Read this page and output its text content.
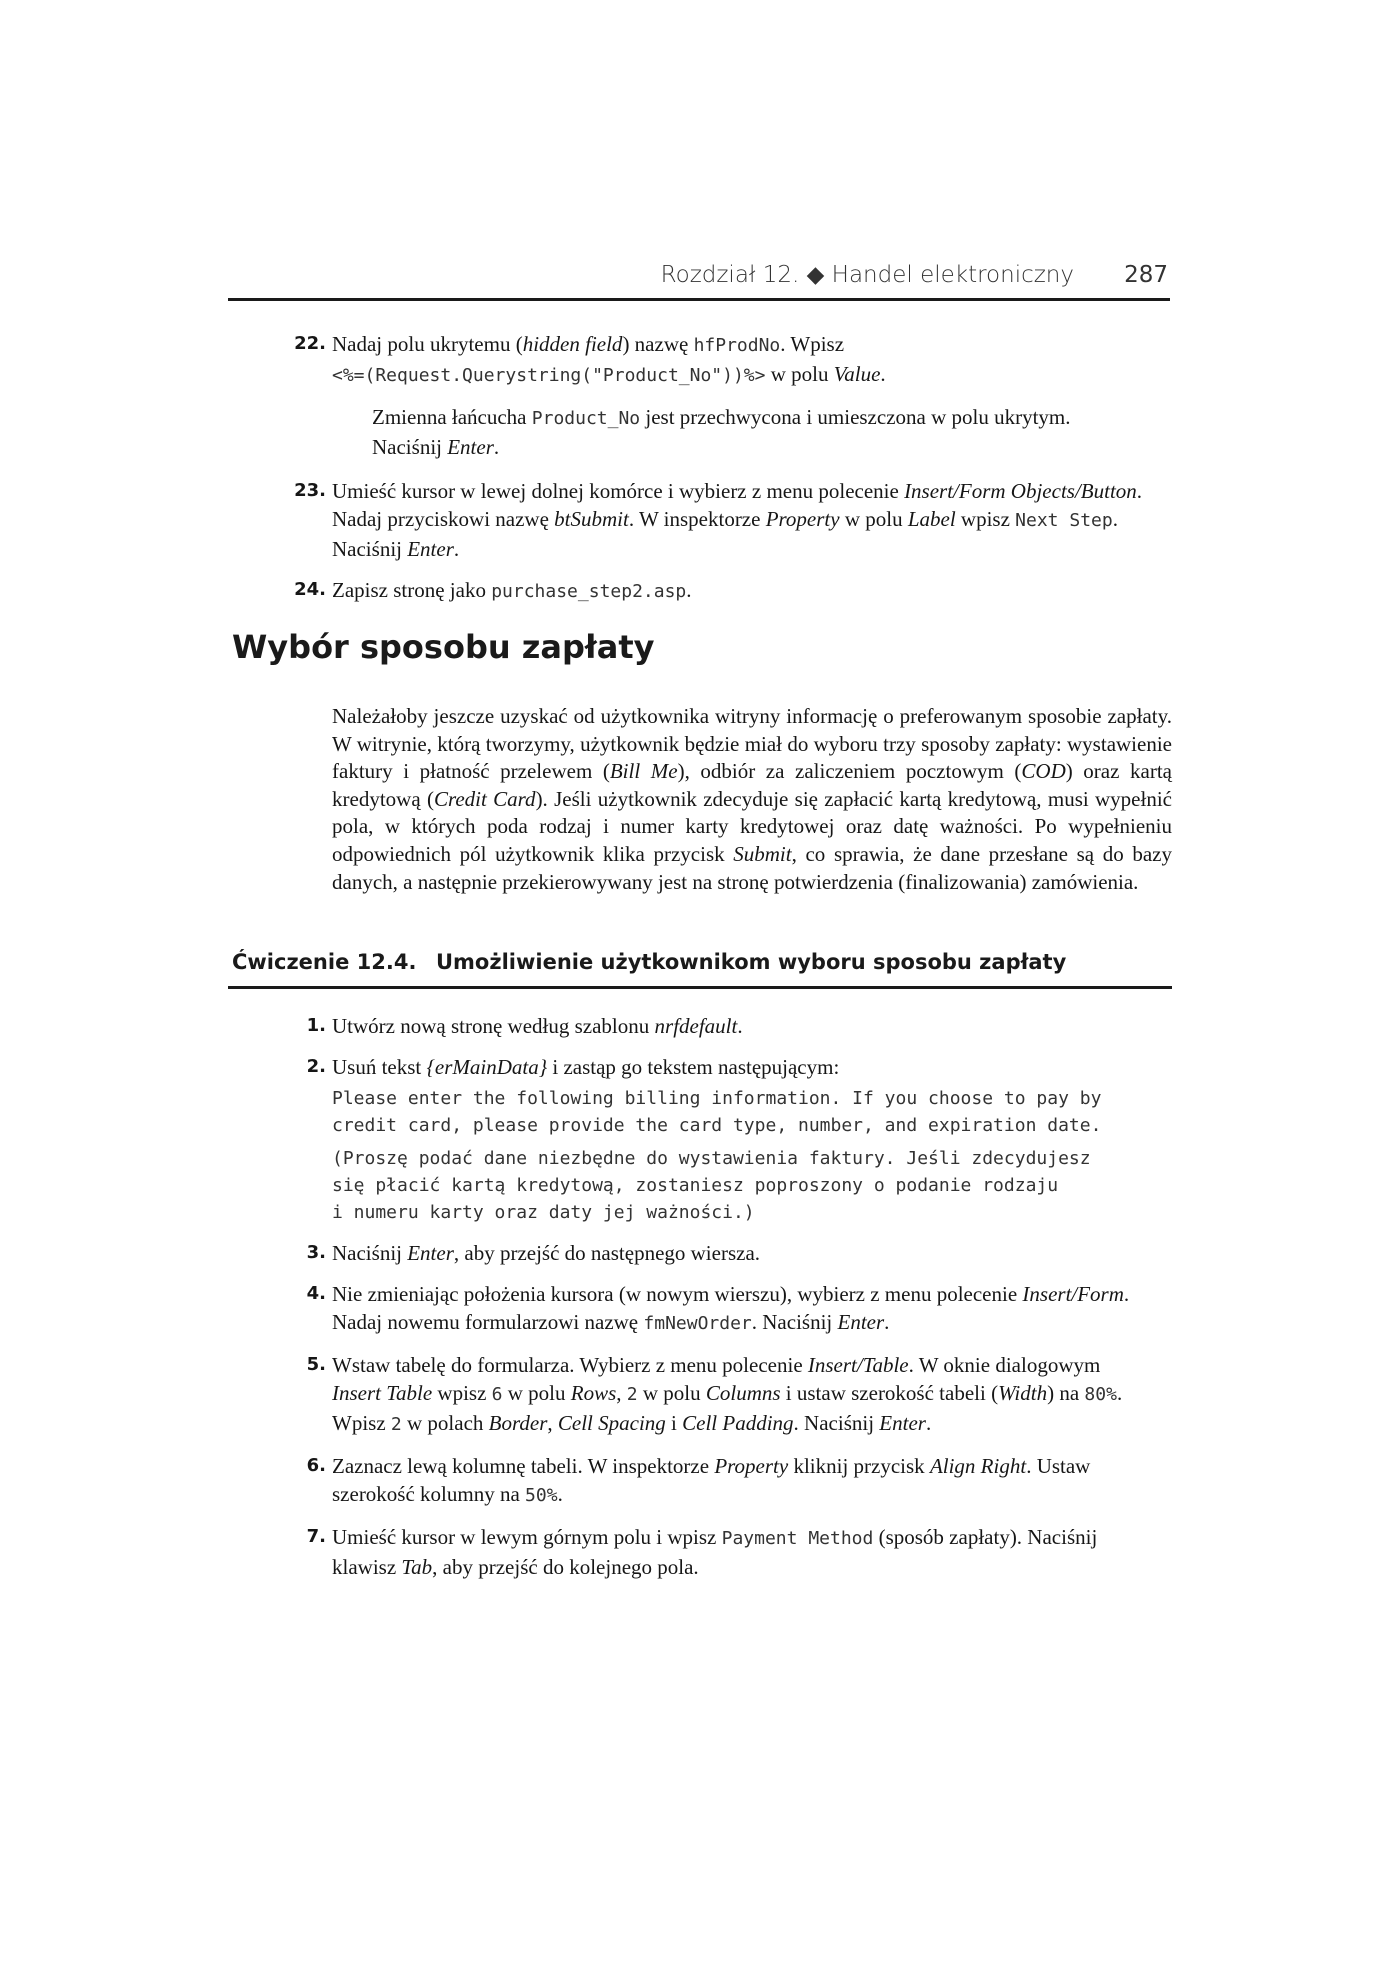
Rozdział 12. ◆ Handel elektroniczny 287
22. Nadaj polu ukrytemu (hidden field) nazwę hfProdNo. Wpisz
<%=(Request.Querystring("Product_No"))%> w polu Value.
Zmienna łańcucha Product_No jest przechwycona i umieszczona w polu ukrytym.
Naciśnij Enter.
23. Umieść kursor w lewej dolnej komórce i wybierz z menu polecenie Insert/Form Objects/Button. Nadaj przyciskowi nazwę btSubmit. W inspektorze Property w polu Label wpisz Next Step. Naciśnij Enter.
24. Zapisz stronę jako purchase_step2.asp.
Wybór sposobu zapłaty

Należałoby jeszcze uzyskać od użytkownika witryny informację o preferowanym sposobie zapłaty. W witrynie, którą tworzymy, użytkownik będzie miał do wyboru trzy sposoby zapłaty: wystawienie faktury i płatność przelewem (Bill Me), odbiór za zaliczeniem pocztowym (COD) oraz kartą kredytową (Credit Card). Jeśli użytkownik zdecyduje się zapłacić kartą kredytową, musi wypełnić pola, w których poda rodzaj i numer karty kredytowej oraz datę ważności. Po wypełnieniu odpowiednich pól użytkownik klika przycisk Submit, co sprawia, że dane przesłane są do bazy danych, a następnie przekierowywany jest na stronę potwierdzenia (finalizowania) zamówienia.

Ćwiczenie 12.4. Umożliwienie użytkownikom wyboru sposobu zapłaty
1. Utwórz nową stronę według szablonu nrfdefault.
2. Usuń tekst {erMainData} i zastąp go tekstem następującym:

Please enter the following billing information. If you choose to pay by

credit card, please provide the card type, number, and expiration date.

(Proszę podać dane niezbędne do wystawienia faktury. Jeśli zdecydujesz

się płacić kartą kredytową, zostaniesz poproszony o podanie rodzaju

i numeru karty oraz daty jej ważności.)

3. Naciśnij Enter, aby przejść do następnego wiersza.
4. Nie zmieniając położenia kursora (w nowym wierszu), wybierz z menu polecenie Insert/Form. Nadaj nowemu formularzowi nazwę fmNewOrder. Naciśnij Enter.
5. Wstaw tabelę do formularza. Wybierz z menu polecenie Insert/Table. W oknie dialogowym Insert Table wpisz 6 w polu Rows, 2 w polu Columns i ustaw szerokość tabeli (Width) na 80%. Wpisz 2 w polach Border, Cell Spacing i Cell Padding. Naciśnij Enter.
6. Zaznacz lewą kolumnę tabeli. W inspektorze Property kliknij przycisk Align Right. Ustaw szerokość kolumny na 50%.
7. Umieść kursor w lewym górnym polu i wpisz Payment Method (sposób zapłaty). Naciśnij klawisz Tab, aby przejść do kolejnego pola.
